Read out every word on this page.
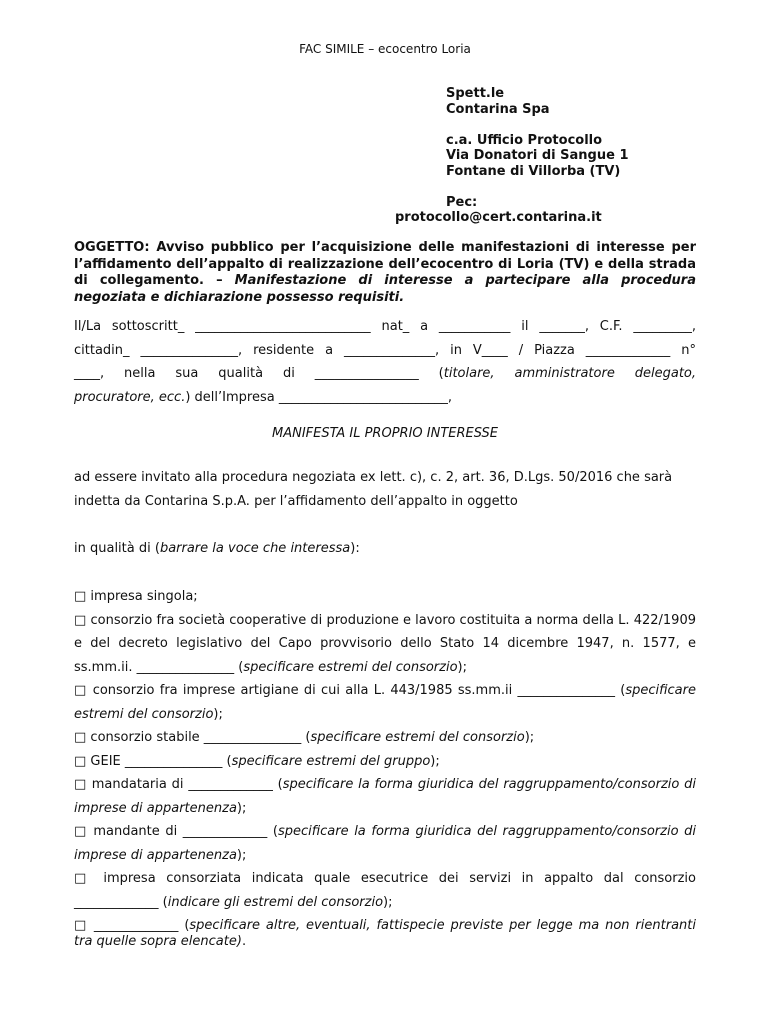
FAC SIMILE – ecocentro Loria
Spett.le
Contarina Spa
c.a. Ufficio Protocollo
Via Donatori di Sangue 1
Fontane di Villorba (TV)
Pec:
protocollo@cert.contarina.it
OGGETTO: Avviso pubblico per l’acquisizione delle manifestazioni di interesse per l’affidamento dell’appalto di realizzazione dell’ecocentro di Loria (TV) e della strada di collegamento. – Manifestazione di interesse a partecipare alla procedura negoziata e dichiarazione possesso requisiti.
Il/La sottoscritt_ ___________________________ nat_ a ___________ il _______, C.F. _________,
cittadin_ _______________, residente a ______________, in V____ / Piazza _____________ n°
____, nella sua qualità di ________________ (titolare, amministratore delegato,
procuratore, ecc.) dell’Impresa __________________________,
MANIFESTA IL PROPRIO INTERESSE
ad essere invitato alla procedura negoziata ex lett. c), c. 2, art. 36, D.Lgs. 50/2016 che sarà indetta da Contarina S.p.A. per l’affidamento dell’appalto in oggetto
in qualità di (barrare la voce che interessa):
□ impresa singola;
□ consorzio fra società cooperative di produzione e lavoro costituita a norma della L. 422/1909 e del decreto legislativo del Capo provvisorio dello Stato 14 dicembre 1947, n. 1577, e ss.mm.ii. _______________ (specificare estremi del consorzio);
□ consorzio fra imprese artigiane di cui alla L. 443/1985 ss.mm.ii _______________ (specificare estremi del consorzio);
□ consorzio stabile _______________ (specificare estremi del consorzio);
□ GEIE _______________ (specificare estremi del gruppo);
□ mandataria di _____________ (specificare la forma giuridica del raggruppamento/consorzio di imprese di appartenenza);
□ mandante di _____________ (specificare la forma giuridica del raggruppamento/consorzio di imprese di appartenenza);
□ impresa consorziata indicata quale esecutrice dei servizi in appalto dal consorzio _____________ (indicare gli estremi del consorzio);
□ _____________ (specificare altre, eventuali, fattispecie previste per legge ma non rientranti tra quelle sopra elencate).
